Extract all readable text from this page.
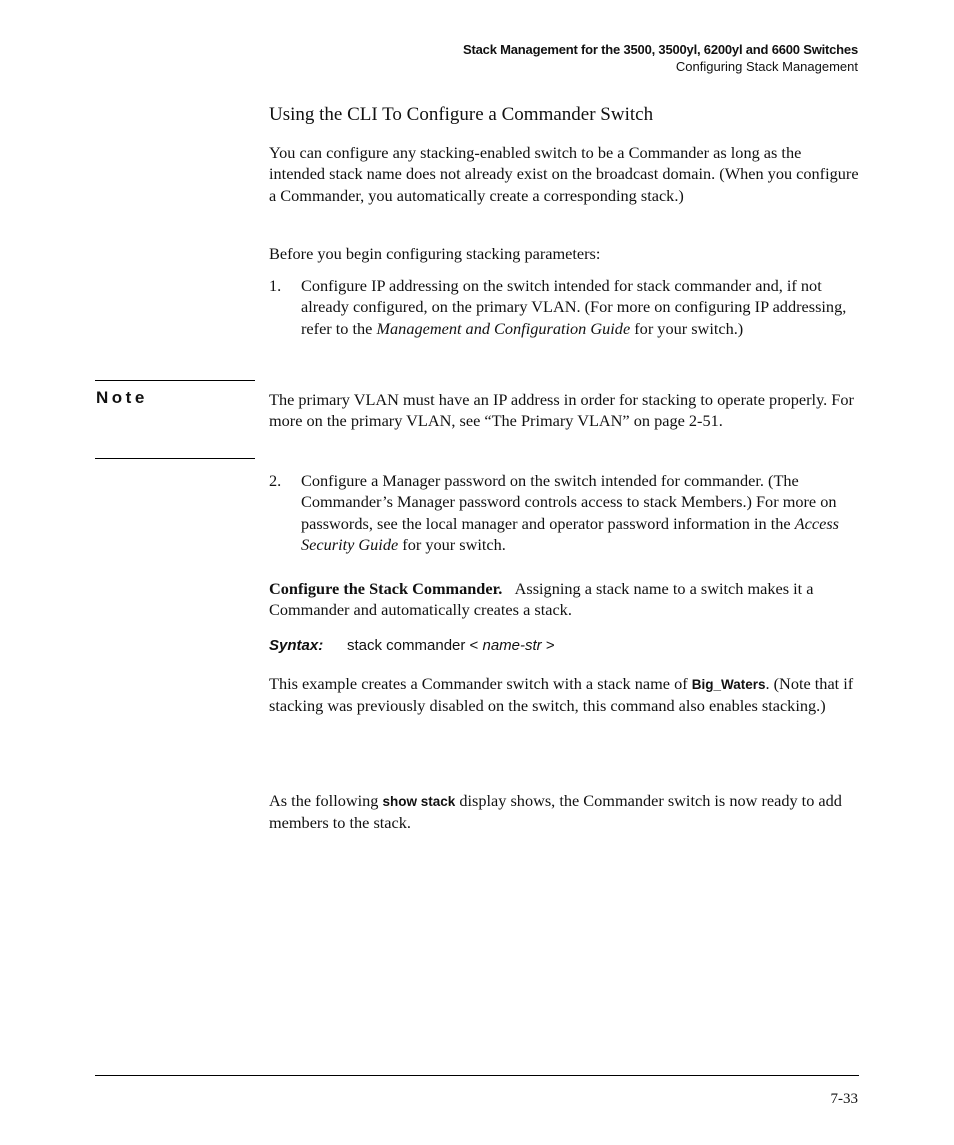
Stack Management for the 3500, 3500yl, 6200yl and 6600 Switches
Configuring Stack Management
Using the CLI To Configure a Commander Switch

You can configure any stacking-enabled switch to be a Commander as long as the intended stack name does not already exist on the broadcast domain. (When you configure a Commander, you automatically create a corresponding stack.)

Before you begin configuring stacking parameters:

1. Configure IP addressing on the switch intended for stack commander and, if not already configured, on the primary VLAN. (For more on configuring IP addressing, refer to the Management and Configuration Guide for your switch.)
Note	The primary VLAN must have an IP address in order for stacking to operate properly. For more on the primary VLAN, see “The Primary VLAN” on page 2-51.

2. Configure a Manager password on the switch intended for commander. (The Commander’s Manager password controls access to stack Members.) For more on passwords, see the local manager and operator password information in the Access Security Guide for your switch.

Configure the Stack Commander. Assigning a stack name to a switch makes it a Commander and automatically creates a stack.

Syntax: stack commander < name-str >

This example creates a Commander switch with a stack name of Big_Waters. (Note that if stacking was previously disabled on the switch, this command also enables stacking.)

As the following show stack display shows, the Commander switch is now ready to add members to the stack.

7-33
